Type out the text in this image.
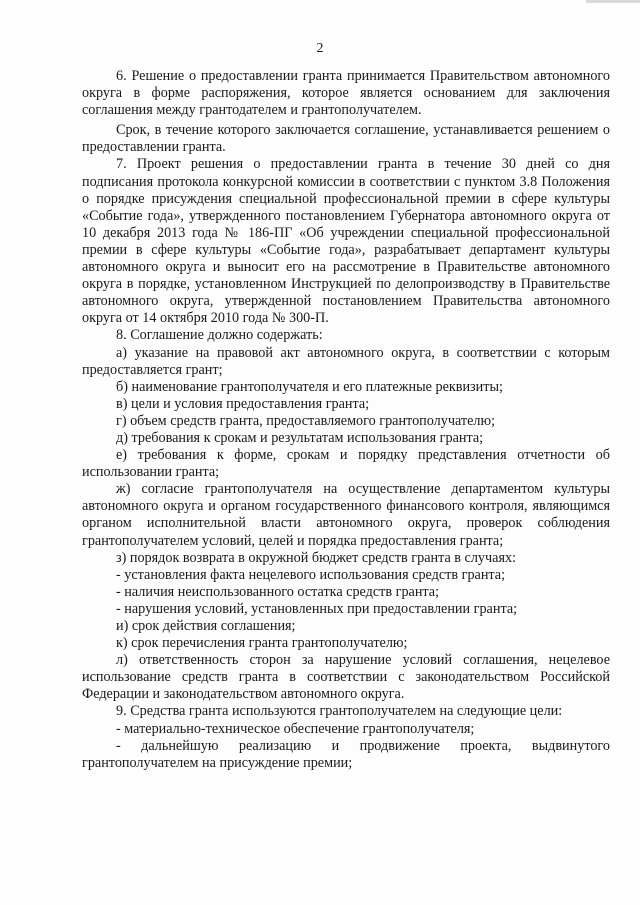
2

6. Решение о предоставлении гранта принимается Правительством автономного округа в форме распоряжения, которое является основанием для заключения соглашения между грантодателем и грантополучателем.

Срок, в течение которого заключается соглашение, устанавливается решением о предоставлении гранта.

7. Проект решения о предоставлении гранта в течение 30 дней со дня подписания протокола конкурсной комиссии в соответствии с пунктом 3.8 Положения о порядке присуждения специальной профессиональной премии в сфере культуры «Событие года», утвержденного постановлением Губернатора автономного округа от 10 декабря 2013 года № 186-ПГ «Об учреждении специальной профессиональной премии в сфере культуры «Событие года», разрабатывает департамент культуры автономного округа и выносит его на рассмотрение в Правительстве автономного округа в порядке, установленном Инструкцией по делопроизводству в Правительстве автономного округа, утвержденной постановлением Правительства автономного округа от 14 октября 2010 года № 300-П.

8. Соглашение должно содержать:

а) указание на правовой акт автономного округа, в соответствии с которым предоставляется грант;

б) наименование грантополучателя и его платежные реквизиты;

в) цели и условия предоставления гранта;

г) объем средств гранта, предоставляемого грантополучателю;

д) требования к срокам и результатам использования гранта;

е) требования к форме, срокам и порядку представления отчетности об использовании гранта;

ж) согласие грантополучателя на осуществление департаментом культуры автономного округа и органом государственного финансового контроля, являющимся органом исполнительной власти автономного округа, проверок соблюдения грантополучателем условий, целей и порядка предоставления гранта;

з) порядок возврата в окружной бюджет средств гранта в случаях:

- установления факта нецелевого использования средств гранта;

- наличия неиспользованного остатка средств гранта;

- нарушения условий, установленных при предоставлении гранта;

и) срок действия соглашения;

к) срок перечисления гранта грантополучателю;

л) ответственность сторон за нарушение условий соглашения, нецелевое использование средств гранта в соответствии с законодательством Российской Федерации и законодательством автономного округа.

9. Средства гранта используются грантополучателем на следующие цели:

- материально-техническое обеспечение грантополучателя;

- дальнейшую реализацию и продвижение проекта, выдвинутого грантополучателем на присуждение премии;
